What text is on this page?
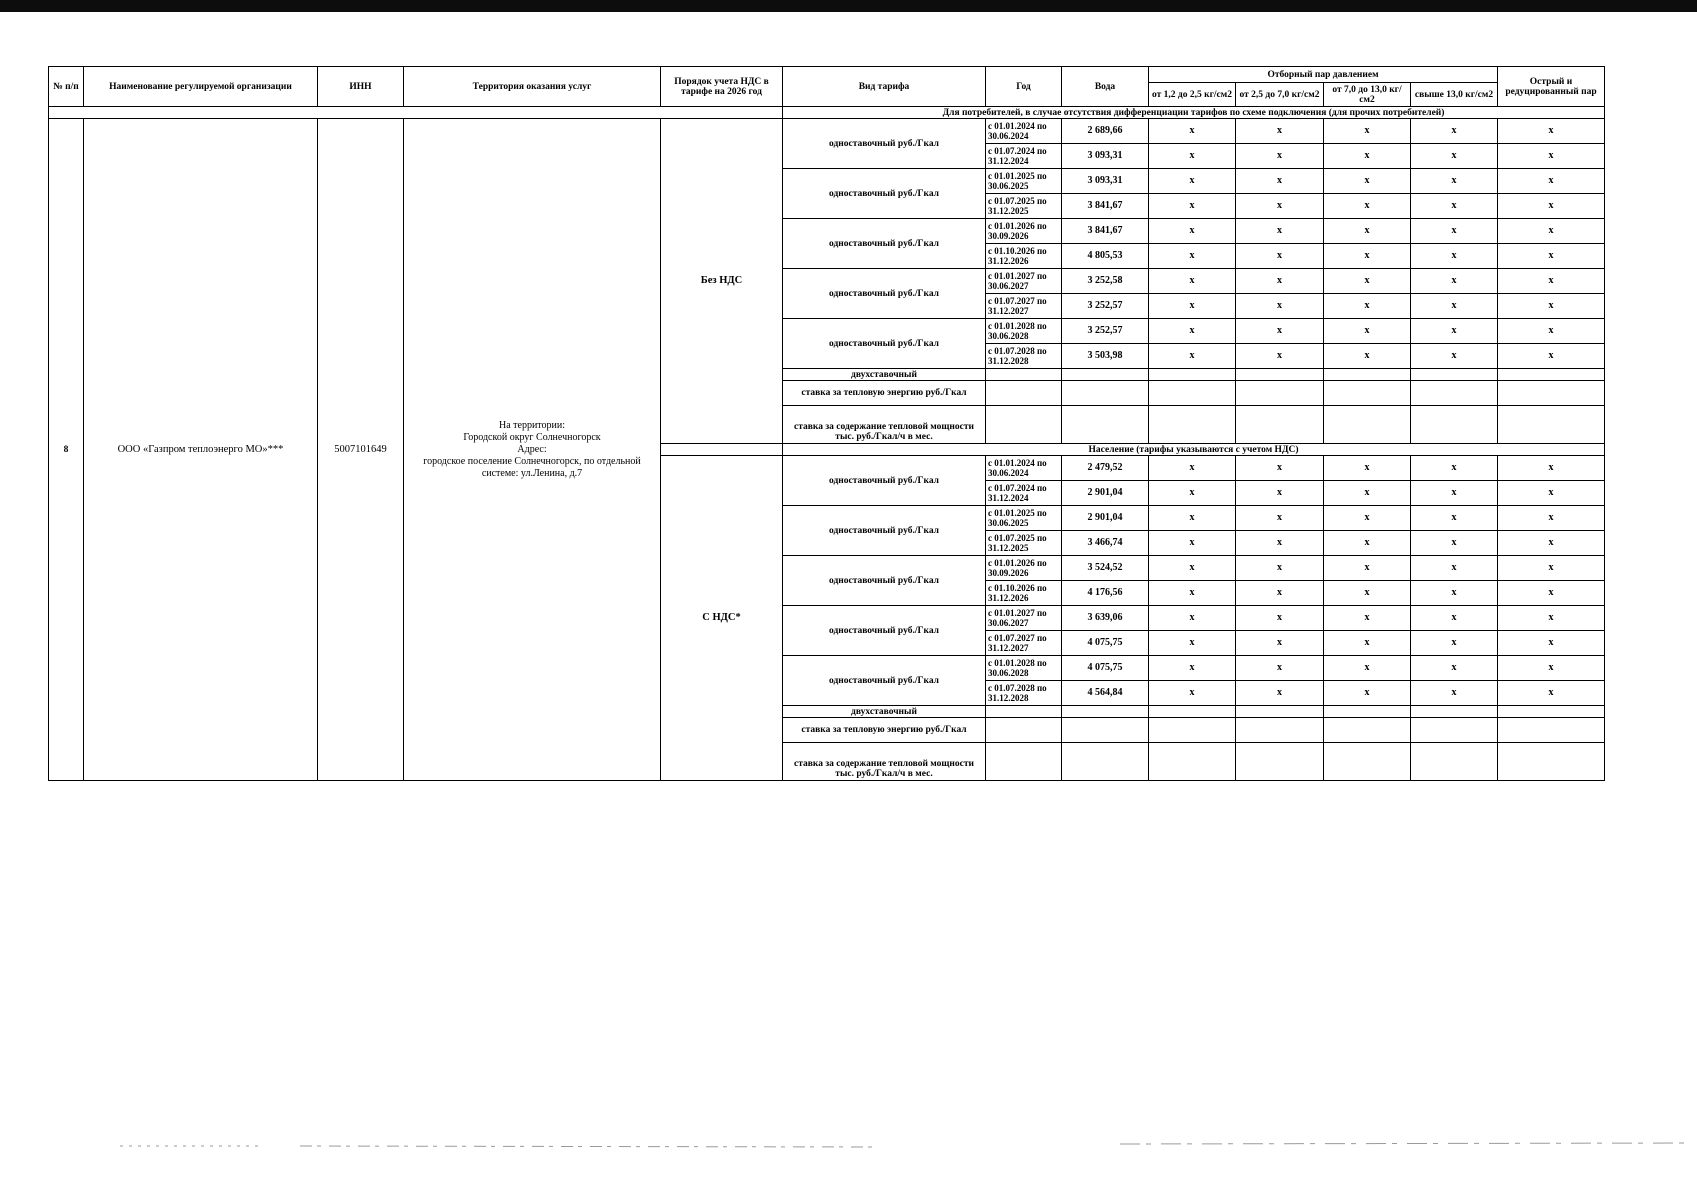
№ п/п	Наименование регулируемой организации	ИНН	Территория оказания услуг	Порядок учета НДС в тарифе на 2026 год	Вид тарифа	Год	Вода	Отборный пар давлением				Острый и редуцированный пар
								от 1,2 до 2,5 кг/см2	от 2,5 до 7,0 кг/см2	от 7,0 до 13,0 кг/см2	свыше 13,0 кг/см2	
					Для потребителей, в случае отсутствия дифференциации тарифов по схеме подключения (для прочих потребителей)							
8	ООО «Газпром теплоэнерго МО»***	5007101649	На территории:
Городской округ Солнечногорск
Адрес:
городское поселение Солнечногорск, по отдельной системе: ул.Ленина, д.7	Без НДС	одноставочный руб./Гкал	с 01.01.2024 по 30.06.2024	2 689,66	х	х	х	х	х
						с 01.07.2024 по 31.12.2024	3 093,31	х	х	х	х	х
					одноставочный руб./Гкал	с 01.01.2025 по 30.06.2025	3 093,31	х	х	х	х	х
						с 01.07.2025 по 31.12.2025	3 841,67	х	х	х	х	х
					одноставочный руб./Гкал	с 01.01.2026 по 30.09.2026	3 841,67	х	х	х	х	х
						с 01.10.2026 по 31.12.2026	4 805,53	х	х	х	х	х
					одноставочный руб./Гкал	с 01.01.2027 по 30.06.2027	3 252,58	х	х	х	х	х
						с 01.07.2027 по 31.12.2027	3 252,57	х	х	х	х	х
					одноставочный руб./Гкал	с 01.01.2028 по 30.06.2028	3 252,57	х	х	х	х	х
						с 01.07.2028 по 31.12.2028	3 503,98	х	х	х	х	х
					двухставочный							
					ставка за тепловую энергию руб./Гкал							
					ставка за содержание тепловой мощности тыс. руб./Гкал/ч в мес.							
					Население (тарифы указываются с учетом НДС)							
				С НДС*	одноставочный руб./Гкал	с 01.01.2024 по 30.06.2024	2 479,52	х	х	х	х	х
						с 01.07.2024 по 31.12.2024	2 901,04	х	х	х	х	х
					одноставочный руб./Гкал	с 01.01.2025 по 30.06.2025	2 901,04	х	х	х	х	х
						с 01.07.2025 по 31.12.2025	3 466,74	х	х	х	х	х
					одноставочный руб./Гкал	с 01.01.2026 по 30.09.2026	3 524,52	х	х	х	х	х
						с 01.10.2026 по 31.12.2026	4 176,56	х	х	х	х	х
					одноставочный руб./Гкал	с 01.01.2027 по 30.06.2027	3 639,06	х	х	х	х	х
						с 01.07.2027 по 31.12.2027	4 075,75	х	х	х	х	х
					одноставочный руб./Гкал	с 01.01.2028 по 30.06.2028	4 075,75	х	х	х	х	х
						с 01.07.2028 по 31.12.2028	4 564,84	х	х	х	х	х
					двухставочный							
					ставка за тепловую энергию руб./Гкал							
					ставка за содержание тепловой мощности тыс. руб./Гкал/ч в мес.							
